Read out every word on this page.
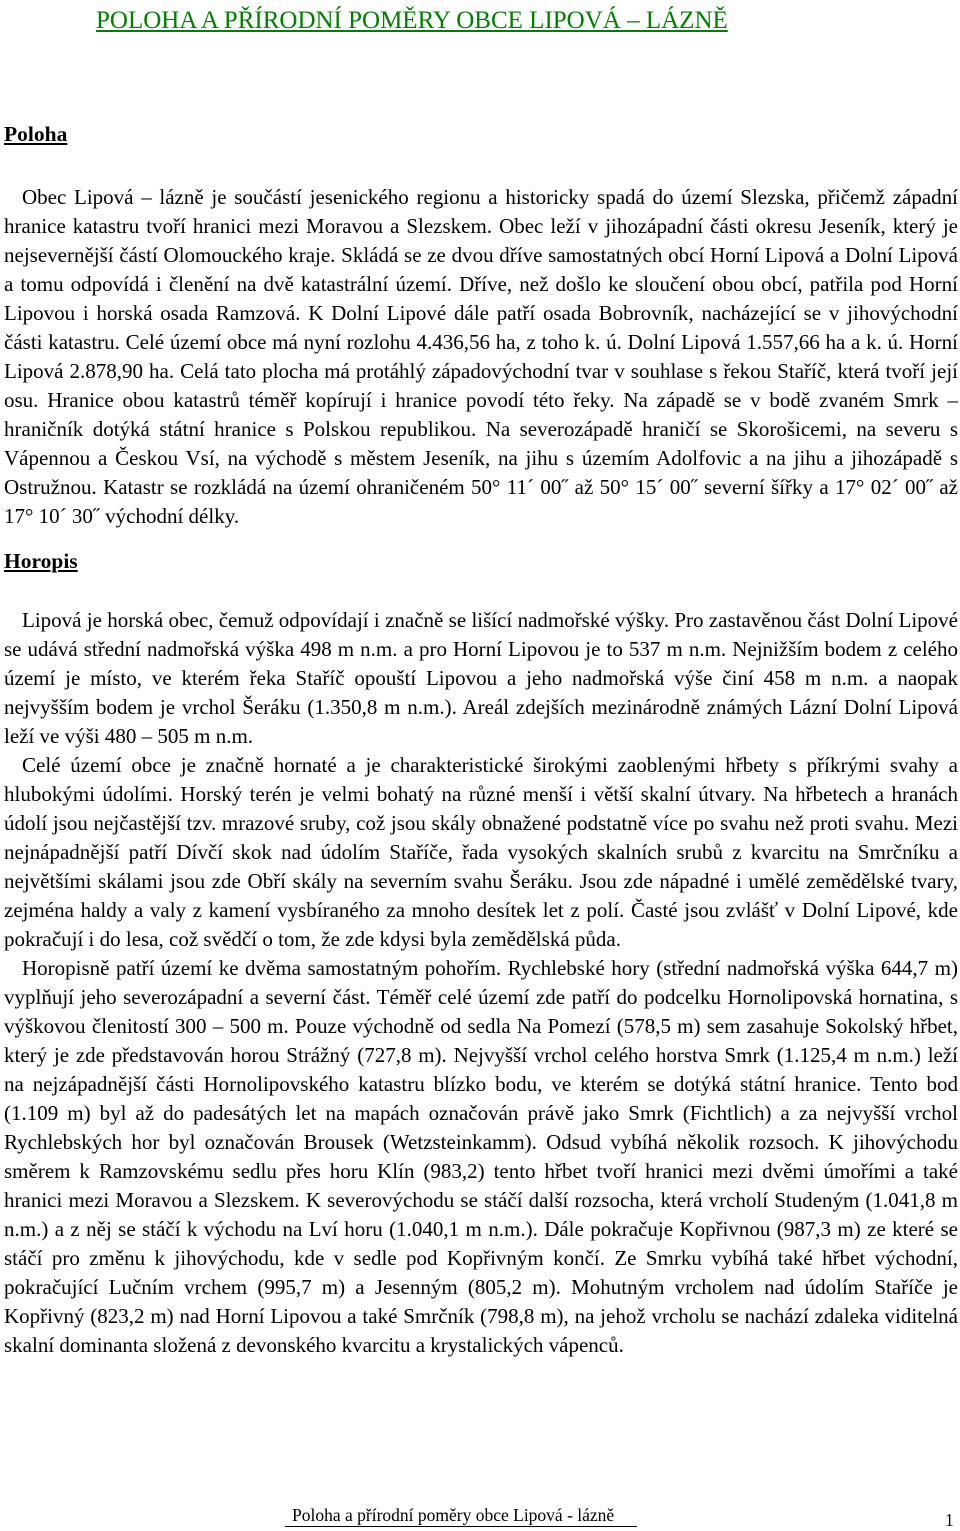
POLOHA A PŘÍRODNÍ POMĚRY OBCE LIPOVÁ – LÁZNĚ
Poloha

Obec Lipová – lázně je součástí jesenického regionu a historicky spadá do území Slezska, přičemž západní hranice katastru tvoří hranici mezi Moravou a Slezskem. Obec leží v jihozápadní části okresu Jeseník, který je nejsevernější částí Olomouckého kraje. Skládá se ze dvou dříve samostatných obcí Horní Lipová a Dolní Lipová a tomu odpovídá i členění na dvě katastrální území. Dříve, než došlo ke sloučení obou obcí, patřila pod Horní Lipovou i horská osada Ramzová. K Dolní Lipové dále patří osada Bobrovník, nacházející se v jihovýchodní části katastru. Celé území obce má nyní rozlohu 4.436,56 ha, z toho k. ú. Dolní Lipová 1.557,66 ha a k. ú. Horní Lipová 2.878,90 ha. Celá tato plocha má protáhlý západovýchodní tvar v souhlase s řekou Staříč, která tvoří její osu. Hranice obou katastrů téměř kopírují i hranice povodí této řeky. Na západě se v bodě zvaném Smrk – hraničník dotýká státní hranice s Polskou republikou. Na severozápadě hraničí se Skorošicemi, na severu s Vápennou a Českou Vsí, na východě s městem Jeseník, na jihu s územím Adolfovic a na jihu a jihozápadě s Ostružnou. Katastr se rozkládá na území ohraničeném 50° 11´ 00˝ až 50° 15´ 00˝ severní šířky a 17° 02´ 00˝ až 17° 10´ 30˝ východní délky.

Horopis

Lipová je horská obec, čemuž odpovídají i značně se lišící nadmořské výšky. Pro zastavěnou část Dolní Lipové se udává střední nadmořská výška 498 m n.m. a pro Horní Lipovou je to 537 m n.m. Nejnižším bodem z celého území je místo, ve kterém řeka Staříč opouští Lipovou a jeho nadmořská výše činí 458 m n.m. a naopak nejvyšším bodem je vrchol Šeráku (1.350,8 m n.m.). Areál zdejších mezinárodně známých Lázní Dolní Lipová leží ve výši 480 – 505 m n.m.

Celé území obce je značně hornaté a je charakteristické širokými zaoblenými hřbety s příkrými svahy a hlubokými údolími. Horský terén je velmi bohatý na různé menší i větší skalní útvary. Na hřbetech a hranách údolí jsou nejčastější tzv. mrazové sruby, což jsou skály obnažené podstatně více po svahu než proti svahu. Mezi nejnápadnější patří Dívčí skok nad údolím Staříče, řada vysokých skalních srubů z kvarcitu na Smrčníku a největšími skálami jsou zde Obří skály na severním svahu Šeráku. Jsou zde nápadné i umělé zemědělské tvary, zejména haldy a valy z kamení vysbíraného za mnoho desítek let z polí. Časté jsou zvlášť v Dolní Lipové, kde pokračují i do lesa, což svědčí o tom, že zde kdysi byla zemědělská půda.

Horopisně patří území ke dvěma samostatným pohořím. Rychlebské hory (střední nadmořská výška 644,7 m) vyplňují jeho severozápadní a severní část. Téměř celé území zde patří do podcelku Hornolipovská hornatina, s výškovou členitostí 300 – 500 m. Pouze východně od sedla Na Pomezí (578,5 m) sem zasahuje Sokolský hřbet, který je zde představován horou Strážný (727,8 m). Nejvyšší vrchol celého horstva Smrk (1.125,4 m n.m.) leží na nejzápadnější části Hornolipovského katastru blízko bodu, ve kterém se dotýká státní hranice. Tento bod (1.109 m) byl až do padesátých let na mapách označován právě jako Smrk (Fichtlich) a za nejvyšší vrchol Rychlebských hor byl označován Brousek (Wetzsteinkamm). Odsud vybíhá několik rozsoch. K jihovýchodu směrem k Ramzovskému sedlu přes horu Klín (983,2) tento hřbet tvoří hranici mezi dvěmi úmořími a také hranici mezi Moravou a Slezskem. K severovýchodu se stáčí další rozsocha, která vrcholí Studeným (1.041,8 m n.m.) a z něj se stáčí k východu na Lví horu (1.040,1 m n.m.). Dále pokračuje Kopřivnou (987,3 m) ze které se stáčí pro změnu k jihovýchodu, kde v sedle pod Kopřivným končí. Ze Smrku vybíhá také hřbet východní, pokračující Lučním vrchem (995,7 m) a Jesenným (805,2 m). Mohutným vrcholem nad údolím Staříče je Kopřivný (823,2 m) nad Horní Lipovou a také Smrčník (798,8 m), na jehož vrcholu se nachází zdaleka viditelná skalní dominanta složená z devonského kvarcitu a krystalických vápenců.

Poloha a přírodní poměry obce Lipová - lázně	1
